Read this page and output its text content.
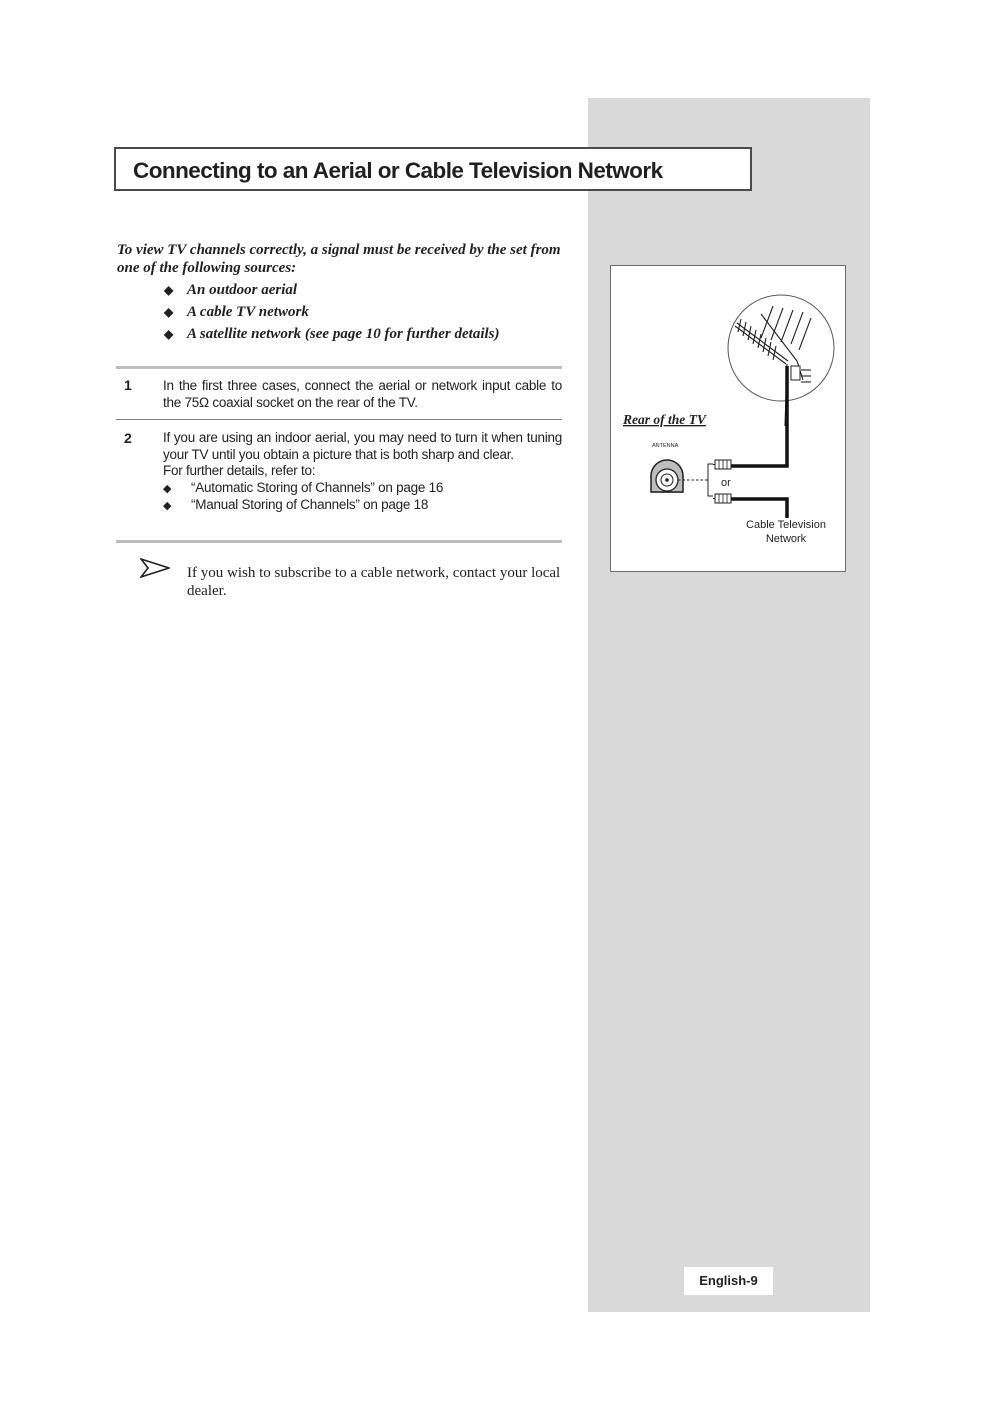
Connecting to an Aerial or Cable Television Network
To view TV channels correctly, a signal must be received by the set from one of the following sources:
◆ An outdoor aerial
◆ A cable TV network
◆ A satellite network (see page 10 for further details)
1 In the first three cases, connect the aerial or network input cable to the 75Ω coaxial socket on the rear of the TV.

2 If you are using an indoor aerial, you may need to turn it when tuning your TV until you obtain a picture that is both sharp and clear.

For further details, refer to:

◆ “Automatic Storing of Channels” on page 16
◆ “Manual Storing of Channels” on page 18
If you wish to subscribe to a cable network, contact your local dealer.
Rear of the TV
ANTENNA
or
Cable Television
Network
English-9
